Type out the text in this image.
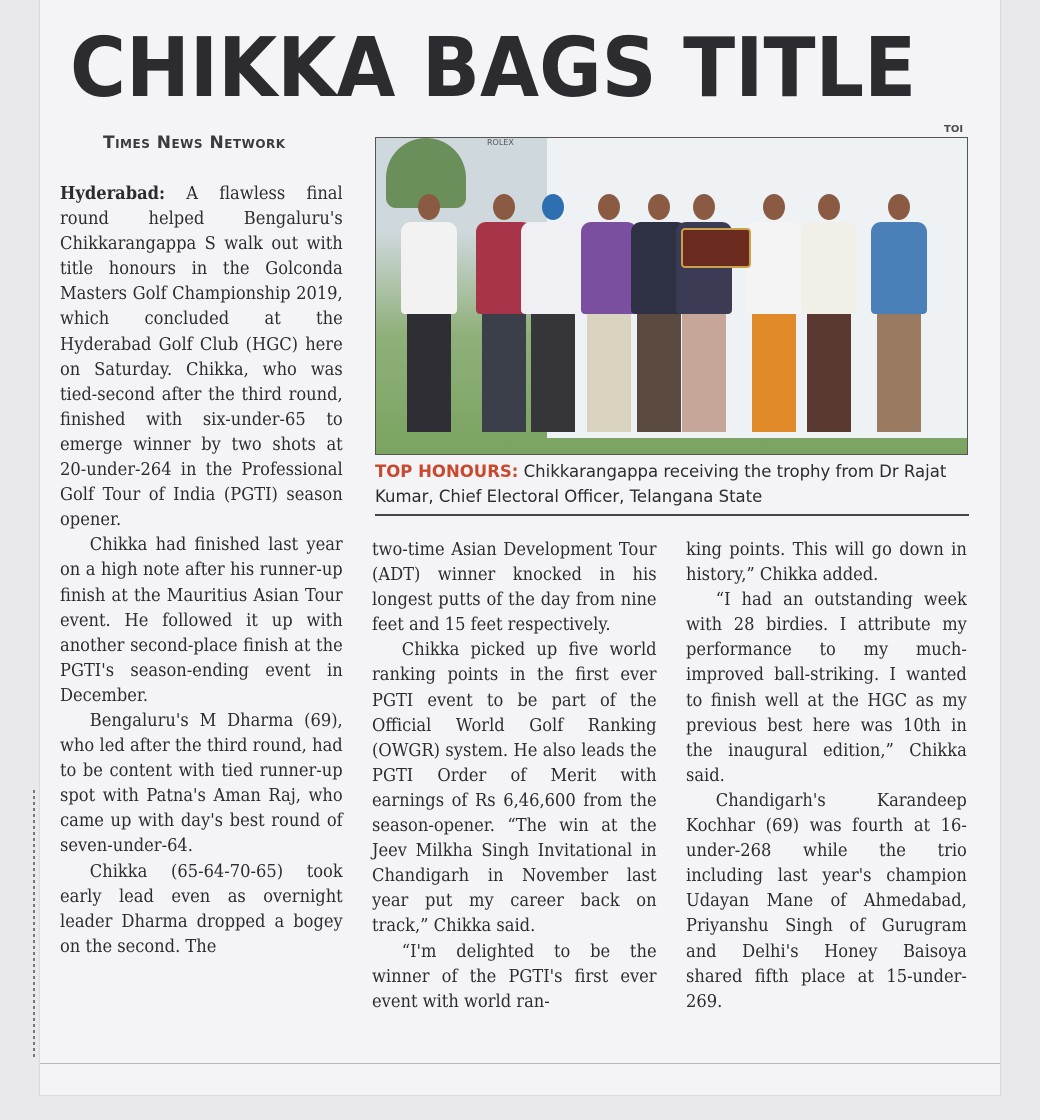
CHIKKA BAGS TITLE
Times News Network
TOI
ROLEX
TOP HONOURS: Chikkarangappa receiving the trophy from Dr Rajat Kumar, Chief Electoral Officer, Telangana State

Hyderabad: A flawless final round helped Bengaluru's Chikkarangappa S walk out with title honours in the Golconda Masters Golf Championship 2019, which concluded at the Hyderabad Golf Club (HGC) here on Saturday. Chikka, who was tied-second after the third round, finished with six-under-65 to emerge winner by two shots at 20-under-264 in the Professional Golf Tour of India (PGTI) season opener.

Chikka had finished last year on a high note after his runner-up finish at the Mauritius Asian Tour event. He followed it up with another second-place finish at the PGTI's season-ending event in December.

Bengaluru's M Dharma (69), who led after the third round, had to be content with tied runner-up spot with Patna's Aman Raj, who came up with day's best round of seven-under-64.

Chikka (65-64-70-65) took early lead even as overnight leader Dharma dropped a bogey on the second. The

two-time Asian Development Tour (ADT) winner knocked in his longest putts of the day from nine feet and 15 feet respectively.

Chikka picked up five world ranking points in the first ever PGTI event to be part of the Official World Golf Ranking (OWGR) system. He also leads the PGTI Order of Merit with earnings of Rs 6,46,600 from the season-opener. “The win at the Jeev Milkha Singh Invitational in Chandigarh in November last year put my career back on track,” Chikka said.

“I'm delighted to be the winner of the PGTI's first ever event with world ran-

king points. This will go down in history,” Chikka added.

“I had an outstanding week with 28 birdies. I attribute my performance to my much-improved ball-striking. I wanted to finish well at the HGC as my previous best here was 10th in the inaugural edition,” Chikka said.

Chandigarh's Karandeep Kochhar (69) was fourth at 16-under-268 while the trio including last year's champion Udayan Mane of Ahmedabad, Priyanshu Singh of Gurugram and Delhi's Honey Baisoya shared fifth place at 15-under-269.
